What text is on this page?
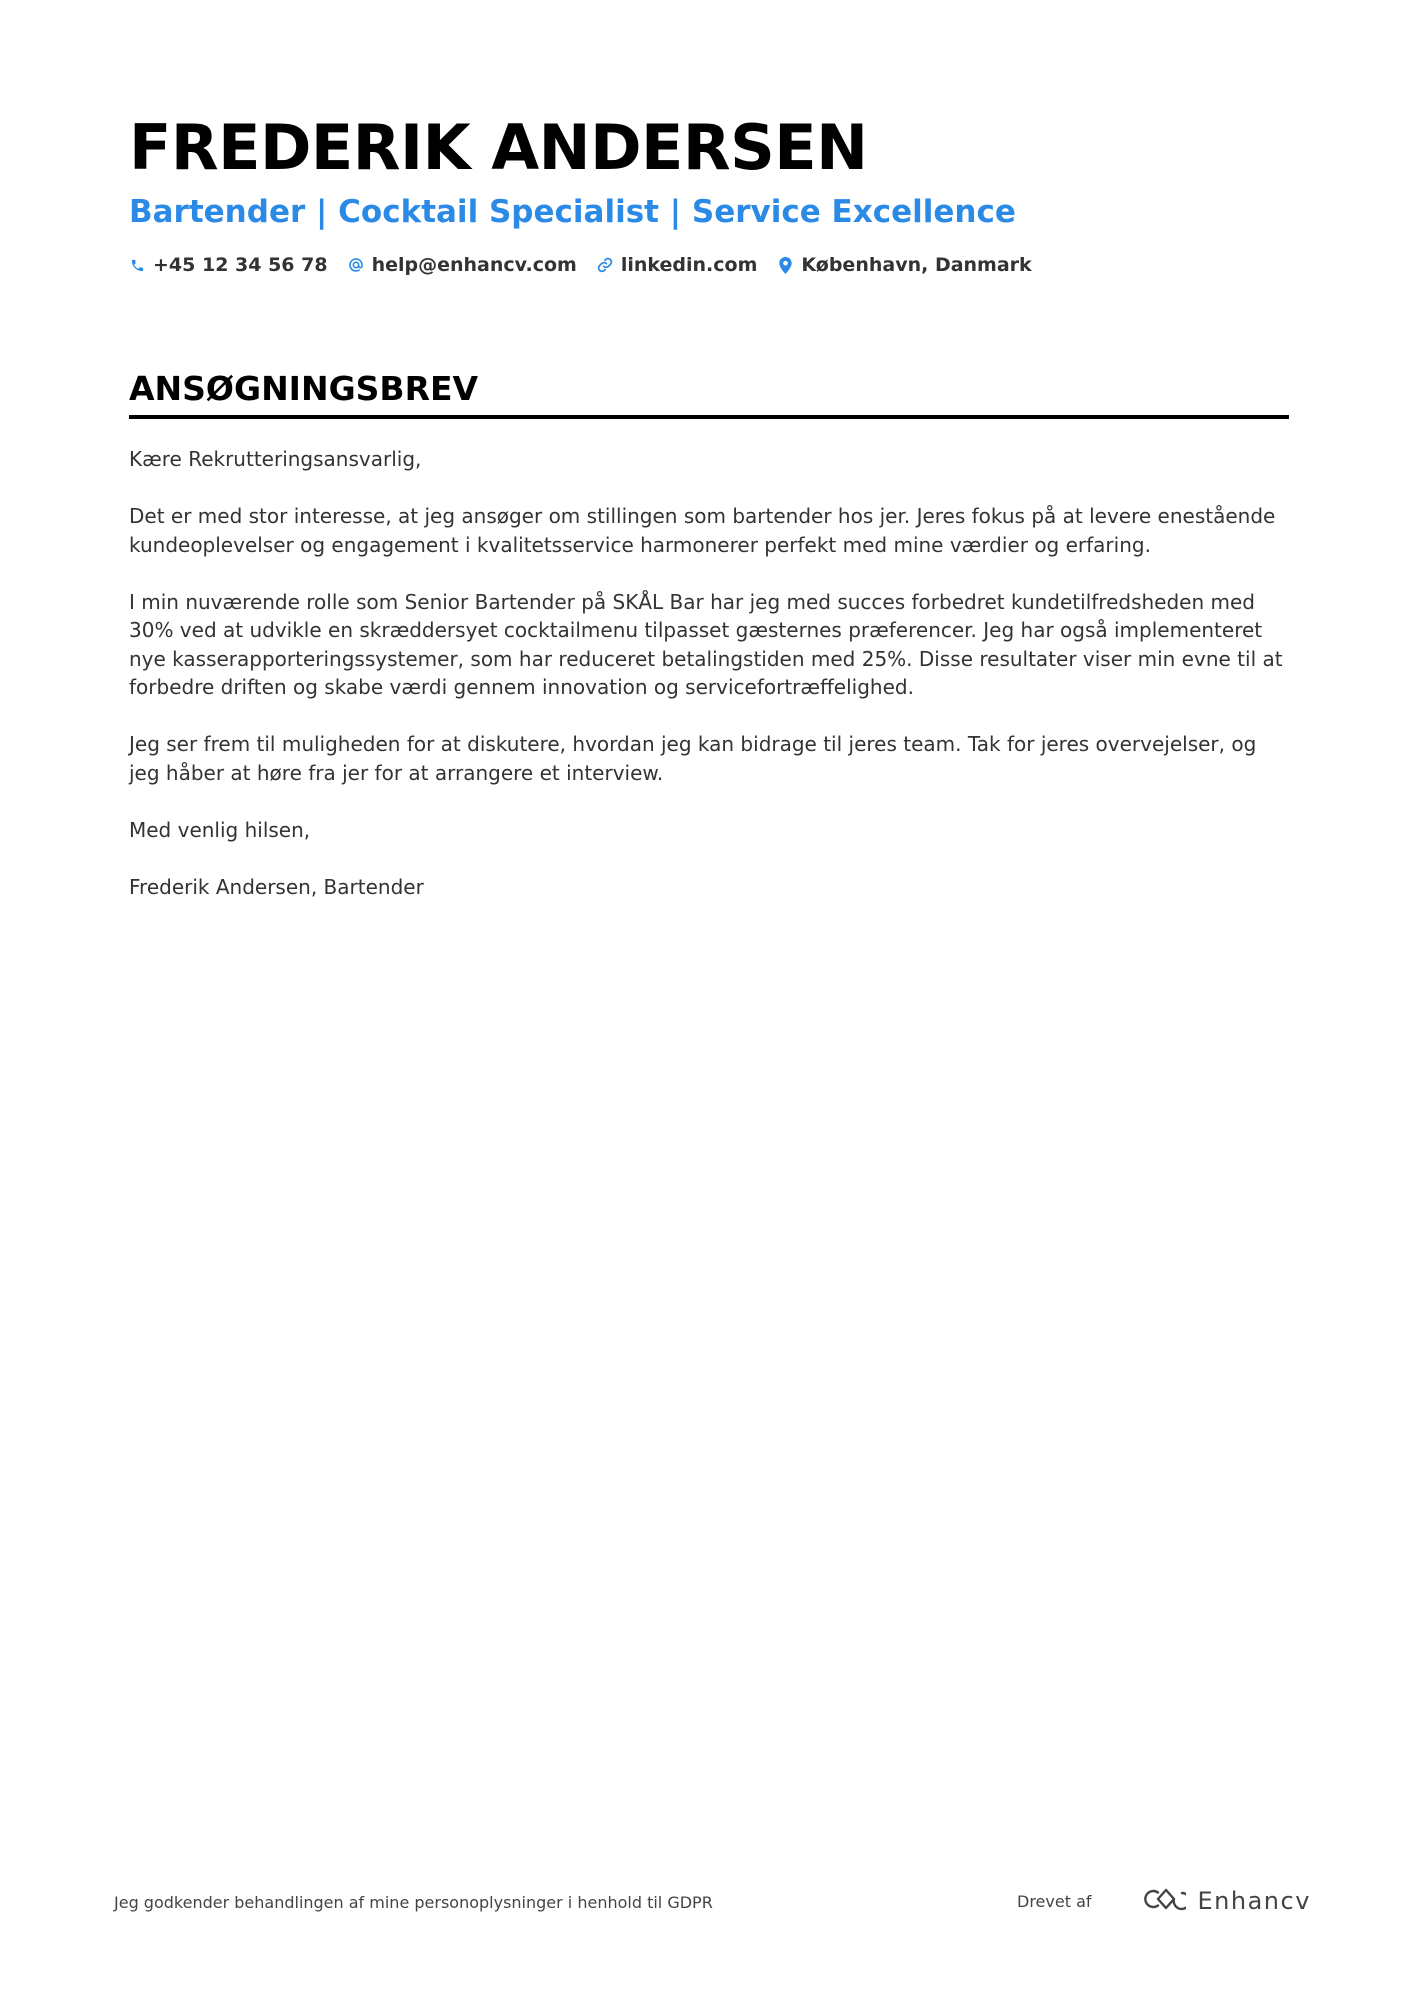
FREDERIK ANDERSEN
Bartender | Cocktail Specialist | Service Excellence
+45 12 34 56 78 help@enhancv.com linkedin.com København, Danmark
ANSØGNINGSBREV

Kære Rekrutteringsansvarlig,

Det er med stor interesse, at jeg ansøger om stillingen som bartender hos jer. Jeres fokus på at levere enestående kundeoplevelser og engagement i kvalitetsservice harmonerer perfekt med mine værdier og erfaring.

I min nuværende rolle som Senior Bartender på SKÅL Bar har jeg med succes forbedret kundetilfredsheden med 30% ved at udvikle en skræddersyet cocktailmenu tilpasset gæsternes præferencer. Jeg har også implementeret nye kasserapporteringssystemer, som har reduceret betalingstiden med 25%. Disse resultater viser min evne til at forbedre driften og skabe værdi gennem innovation og servicefortræffelighed.

Jeg ser frem til muligheden for at diskutere, hvordan jeg kan bidrage til jeres team. Tak for jeres overvejelser, og jeg håber at høre fra jer for at arrangere et interview.

Med venlig hilsen,

Frederik Andersen, Bartender

Jeg godkender behandlingen af mine personoplysninger i henhold til GDPR	Drevet af	Enhancv
